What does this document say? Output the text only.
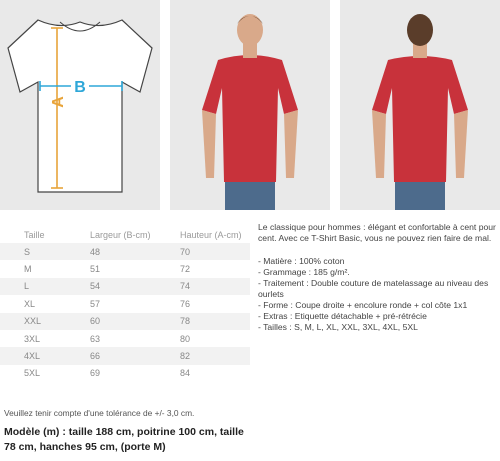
B
A
Taille	Largeur (B-cm)	Hauteur (A-cm)
S	48	70
M	51	72
L	54	74
XL	57	76
XXL	60	78
3XL	63	80
4XL	66	82
5XL	69	84

Le classique pour hommes : élégant et confortable à cent pour cent. Avec ce T-Shirt Basic, vous ne pouvez rien faire de mal.

- Matière : 100% coton

- Grammage : 185 g/m².

- Traitement : Double couture de matelassage au niveau des ourlets

- Forme : Coupe droite + encolure ronde + col côte 1x1

- Extras : Etiquette détachable + pré-rétrécie

- Tailles : S, M, L, XL, XXL, 3XL, 4XL, 5XL

Veuillez tenir compte d'une tolérance de +/- 3,0 cm.
Modèle (m) : taille 188 cm, poitrine 100 cm, taille 78 cm, hanches 95 cm, (porte M)
